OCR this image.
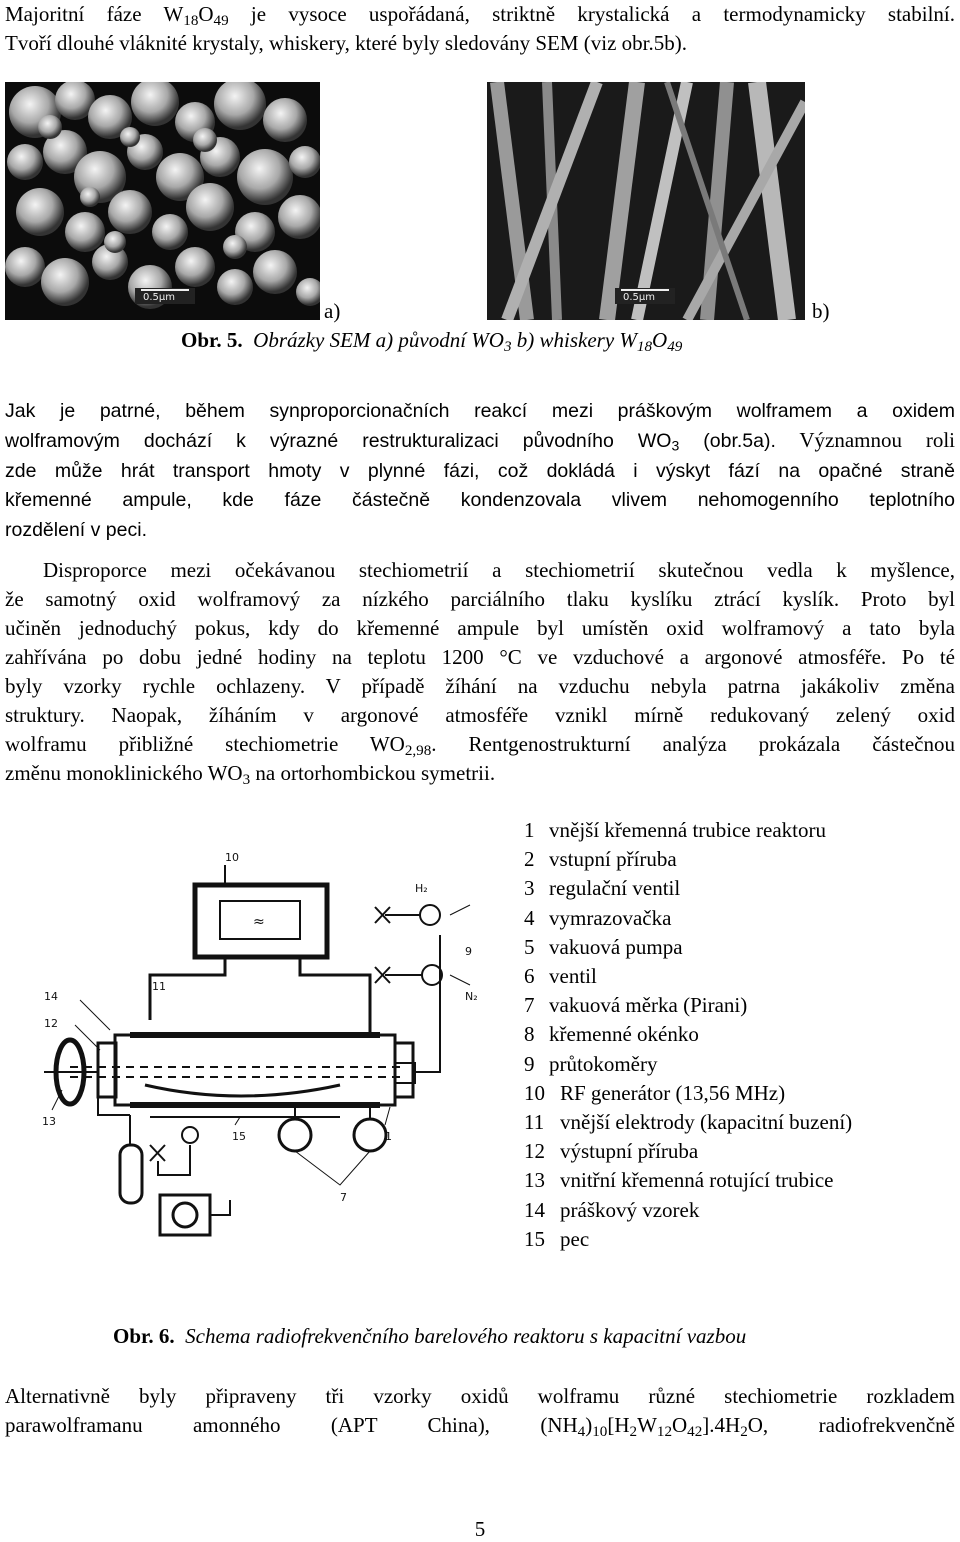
Majoritní fáze $W_{18}O_{49}$ je vysoce uspořádaná, striktně krystalická a termodynamicky stabilní.
Tvoří dlouhé vláknité krystaly, whiskery, které byly sledovány SEM (viz obr.5b).
0.5μm
a)
0.5μm
b)
Obr. 5. Obrázky SEM a) původní $WO_3$ b) whiskery $W_{18}O_{49}$
Jak je patrné, během synproporcionačních reakcí mezi práškovým wolframem a oxidem
wolframovým dochází k výrazné restrukturalizaci původního $WO_3$ (obr.5a). Významnou roli
zde může hrát transport hmoty v plynné fázi, což dokládá i výskyt fází na opačné straně
křemenné ampule, kde fáze částečně kondenzovala vlivem nehomogenního teplotního
rozdělení v peci.
Disproporce mezi očekávanou stechiometrií a stechiometrií skutečnou vedla k myšlence,
že samotný oxid wolframový za nízkého parciálního tlaku kyslíku ztrácí kyslík. Proto byl
učiněn jednoduchý pokus, kdy do křemenné ampule byl umístěn oxid wolframový a tato byla
zahřívána po dobu jedné hodiny na teplotu 1200 °C ve vzduchové a argonové atmosféře. Po té
byly vzorky rychle ochlazeny. V případě žíhání na vzduchu nebyla patrna jakákoliv změna
struktury. Naopak, žíháním v argonové atmosféře vznikl mírně redukovaný zelený oxid
wolframu přibližné stechiometrie $WO_{2,98}$. Rentgenostrukturní analýza prokázala částečnou
změnu monoklinického $WO_3$ na ortorhombickou symetrii.
≈
10
H₂
11
14
12
13
15	1
7
9
N₂
1 vnější křemenná trubice reaktoru
2 vstupní příruba
3 regulační ventil
4 vymrazovačka
5 vakuová pumpa
6 ventil
7 vakuová měrka (Pirani)
8 křemenné okénko
9 průtokoměry
10 RF generátor (13,56 MHz)
11 vnější elektrody (kapacitní buzení)
12 výstupní příruba
13 vnitřní křemenná rotující trubice
14 práškový vzorek
15 pec
Obr. 6. Schema radiofrekvenčního barelového reaktoru s kapacitní vazbou
Alternativně byly připraveny tři vzorky oxidů wolframu různé stechiometrie rozkladem
parawolframanu amonného (APT China), $(NH_4)_{10}[H_2W_{12}O_{42}].4H_2O$, radiofrekvenčně
5
